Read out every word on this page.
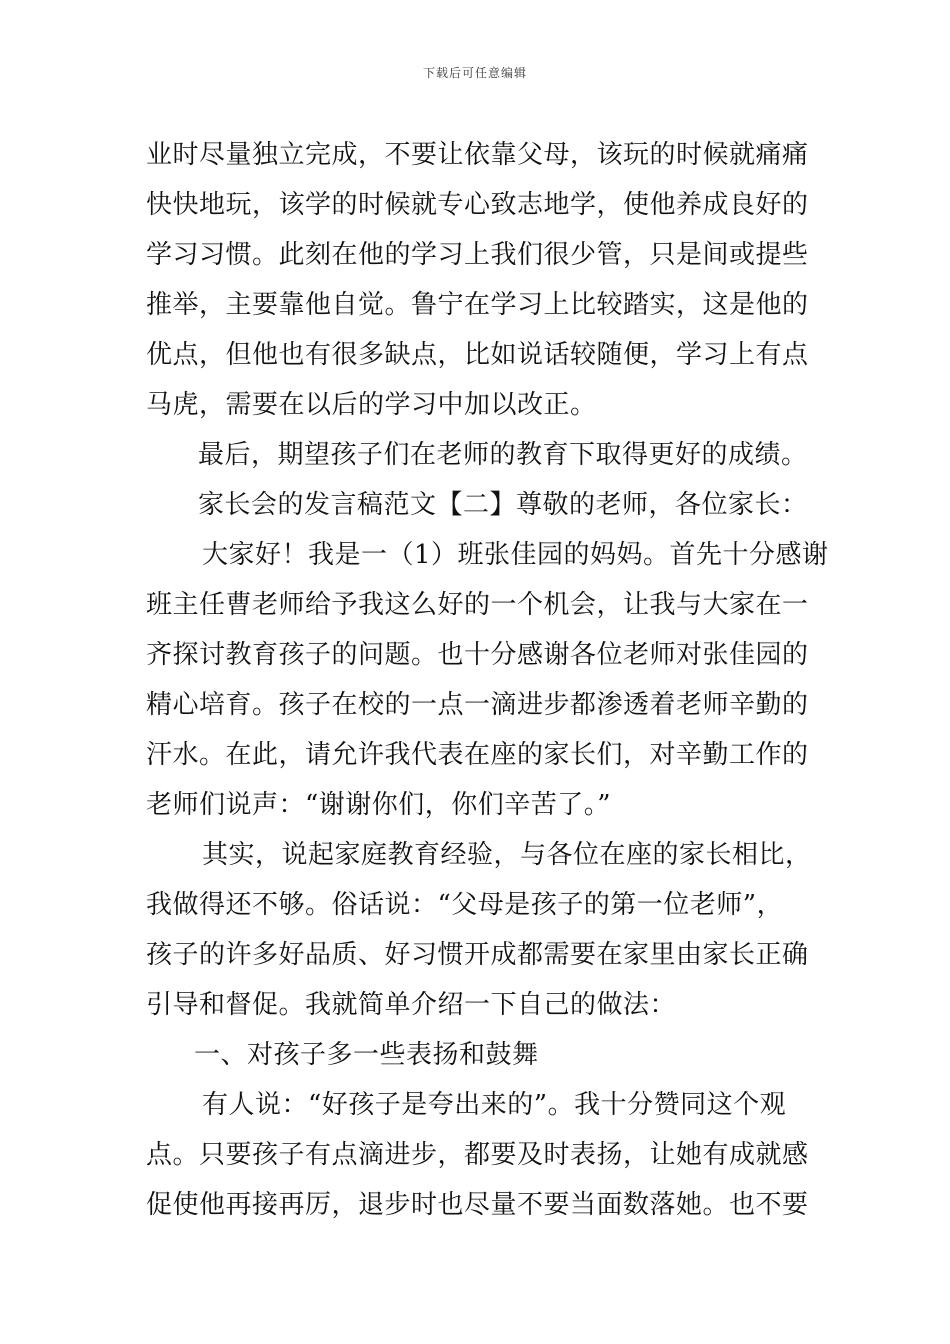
下载后可任意编辑
业时尽量独立完成，不要让依靠父母，该玩的时候就痛痛
快快地玩，该学的时候就专心致志地学，使他养成良好的
学习习惯。此刻在他的学习上我们很少管，只是间或提些
推举，主要靠他自觉。鲁宁在学习上比较踏实，这是他的
优点，但他也有很多缺点，比如说话较随便，学习上有点
马虎，需要在以后的学习中加以改正。
最后，期望孩子们在老师的教育下取得更好的成绩。
家长会的发言稿范文【二】尊敬的老师，各位家长：
大家好！我是一（1）班张佳园的妈妈。首先十分感谢
班主任曹老师给予我这么好的一个机会，让我与大家在一
齐探讨教育孩子的问题。也十分感谢各位老师对张佳园的
精心培育。孩子在校的一点一滴进步都渗透着老师辛勤的
汗水。在此，请允许我代表在座的家长们，对辛勤工作的
老师们说声：“谢谢你们，你们辛苦了。”
其实，说起家庭教育经验，与各位在座的家长相比，
我做得还不够。俗话说：“父母是孩子的第一位老师”，
孩子的许多好品质、好习惯开成都需要在家里由家长正确
引导和督促。我就简单介绍一下自己的做法：
一、对孩子多一些表扬和鼓舞
有人说：“好孩子是夸出来的”。我十分赞同这个观
点。只要孩子有点滴进步，都要及时表扬，让她有成就感
促使他再接再厉，退步时也尽量不要当面数落她。也不要
